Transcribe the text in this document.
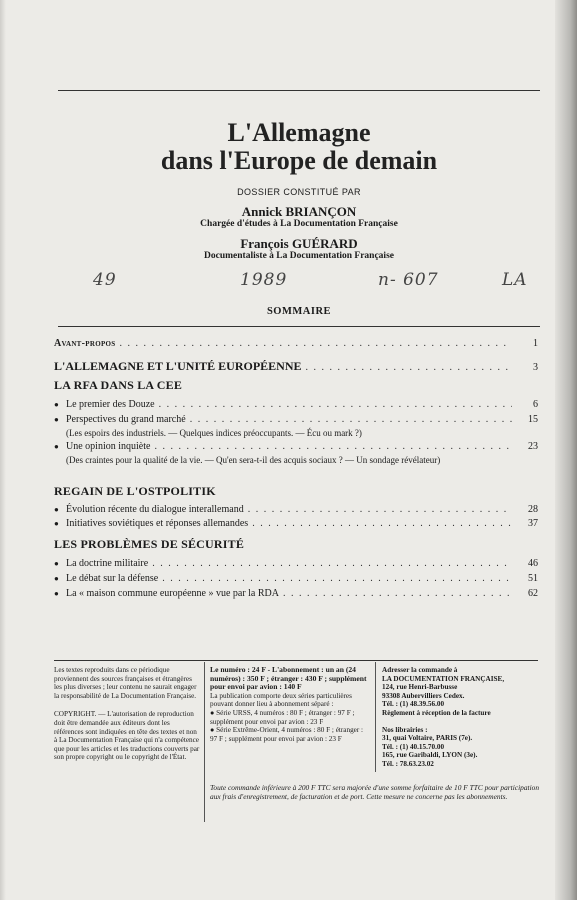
L'Allemagne
dans l'Europe de demain
DOSSIER CONSTITUÉ PAR
Annick BRIANÇON
Chargée d'études à La Documentation Française
François GUÉRARD
Documentaliste à La Documentation Française
49	1989	n- 607	LA
SOMMAIRE
Avant-propos . . .	1
L'ALLEMAGNE ET L'UNITÉ EUROPÉENNE . . .	3
LA RFA DANS LA CEE
● Le premier des Douze . . .	6
● Perspectives du grand marché . . .	15
(Les espoirs des industriels. — Quelques indices préoccupants. — Écu ou mark ?)
● Une opinion inquiète . . .	23
(Des craintes pour la qualité de la vie. — Qu'en sera-t-il des acquis sociaux ? — Un sondage révélateur)
REGAIN DE L'OSTPOLITIK
● Évolution récente du dialogue interallemand . . .	28
● Initiatives soviétiques et réponses allemandes . . .	37
LES PROBLÈMES DE SÉCURITÉ
● La doctrine militaire . . .	46
● Le débat sur la défense . . .	51
● La « maison commune européenne » vue par la RDA . . .	62
Les textes reproduits dans ce périodique proviennent des sources françaises et étrangères les plus diverses ; leur contenu ne saurait engager la responsabilité de La Documentation Française.
COPYRIGHT. — L'autorisation de reproduction doit être demandée aux éditeurs dont les références sont indiquées en tête des textes et non à La Documentation Française qui n'a compétence que pour les articles et les traductions couverts par son propre copyright ou le copyright de l'État.
Le numéro : 24 F - L'abonnement : un an (24 numéros) : 350 F ; étranger : 430 F ; supplément pour envoi par avion : 140 F
La publication comporte deux séries particulières pouvant donner lieu à abonnement séparé :
● Série URSS, 4 numéros : 80 F ; étranger : 97 F ; supplément pour envoi par avion : 23 F
● Série Extrême-Orient, 4 numéros : 80 F ; étranger : 97 F ; supplément pour envoi par avion : 23 F
Adresser la commande à
LA DOCUMENTATION FRANÇAISE,
124, rue Henri-Barbusse
93308 Aubervilliers Cedex.
Tél. : (1) 48.39.56.00
Règlement à réception de la facture
Nos librairies :
31, quai Voltaire, PARIS (7e).
Tél. : (1) 40.15.70.00
165, rue Garibaldi, LYON (3e).
Tél. : 78.63.23.02
Toute commande inférieure à 200 F TTC sera majorée d'une somme forfaitaire de 10 F TTC pour participation aux frais d'enregistrement, de facturation et de port. Cette mesure ne concerne pas les abonnements.
